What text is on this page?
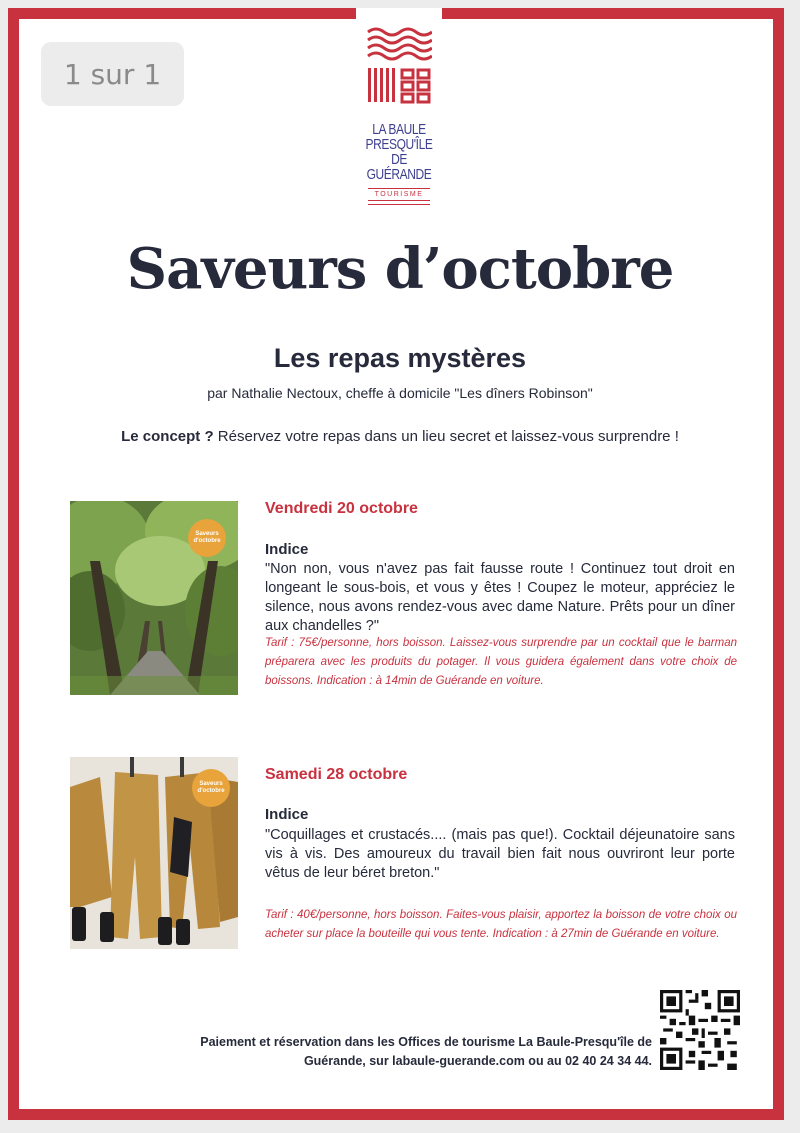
1 sur 1
LA BAULE
PRESQU'ÎLE DE
GUÉRANDE
TOURISME
Saveurs d’octobre
Les repas mystères
par Nathalie Nectoux, cheffe à domicile "Les dîners Robinson"
Le concept ? Réservez votre repas dans un lieu secret et laissez-vous surprendre !
Saveurs d'octobre
Vendredi 20 octobre
Indice
"Non non, vous n'avez pas fait fausse route ! Continuez tout droit en longeant le sous-bois, et vous y êtes ! Coupez le moteur, appréciez le silence, nous avons rendez-vous avec dame Nature. Prêts pour un dîner aux chandelles ?"
Tarif : 75€/personne, hors boisson. Laissez-vous surprendre par un cocktail que le barman préparera avec les produits du potager. Il vous guidera également dans votre choix de boissons. Indication : à 14min de Guérande en voiture.
Saveurs d'octobre
Samedi 28 octobre
Indice
"Coquillages et crustacés.... (mais pas que!). Cocktail déjeunatoire sans vis à vis. Des amoureux du travail bien fait nous ouvriront leur porte vêtus de leur béret breton."
Tarif : 40€/personne, hors boisson. Faites-vous plaisir, apportez la boisson de votre choix ou acheter sur place la bouteille qui vous tente. Indication : à 27min de Guérande en voiture.
Paiement et réservation dans les Offices de tourisme La Baule-Presqu'île de
Guérande, sur labaule-guerande.com ou au 02 40 24 34 44.
